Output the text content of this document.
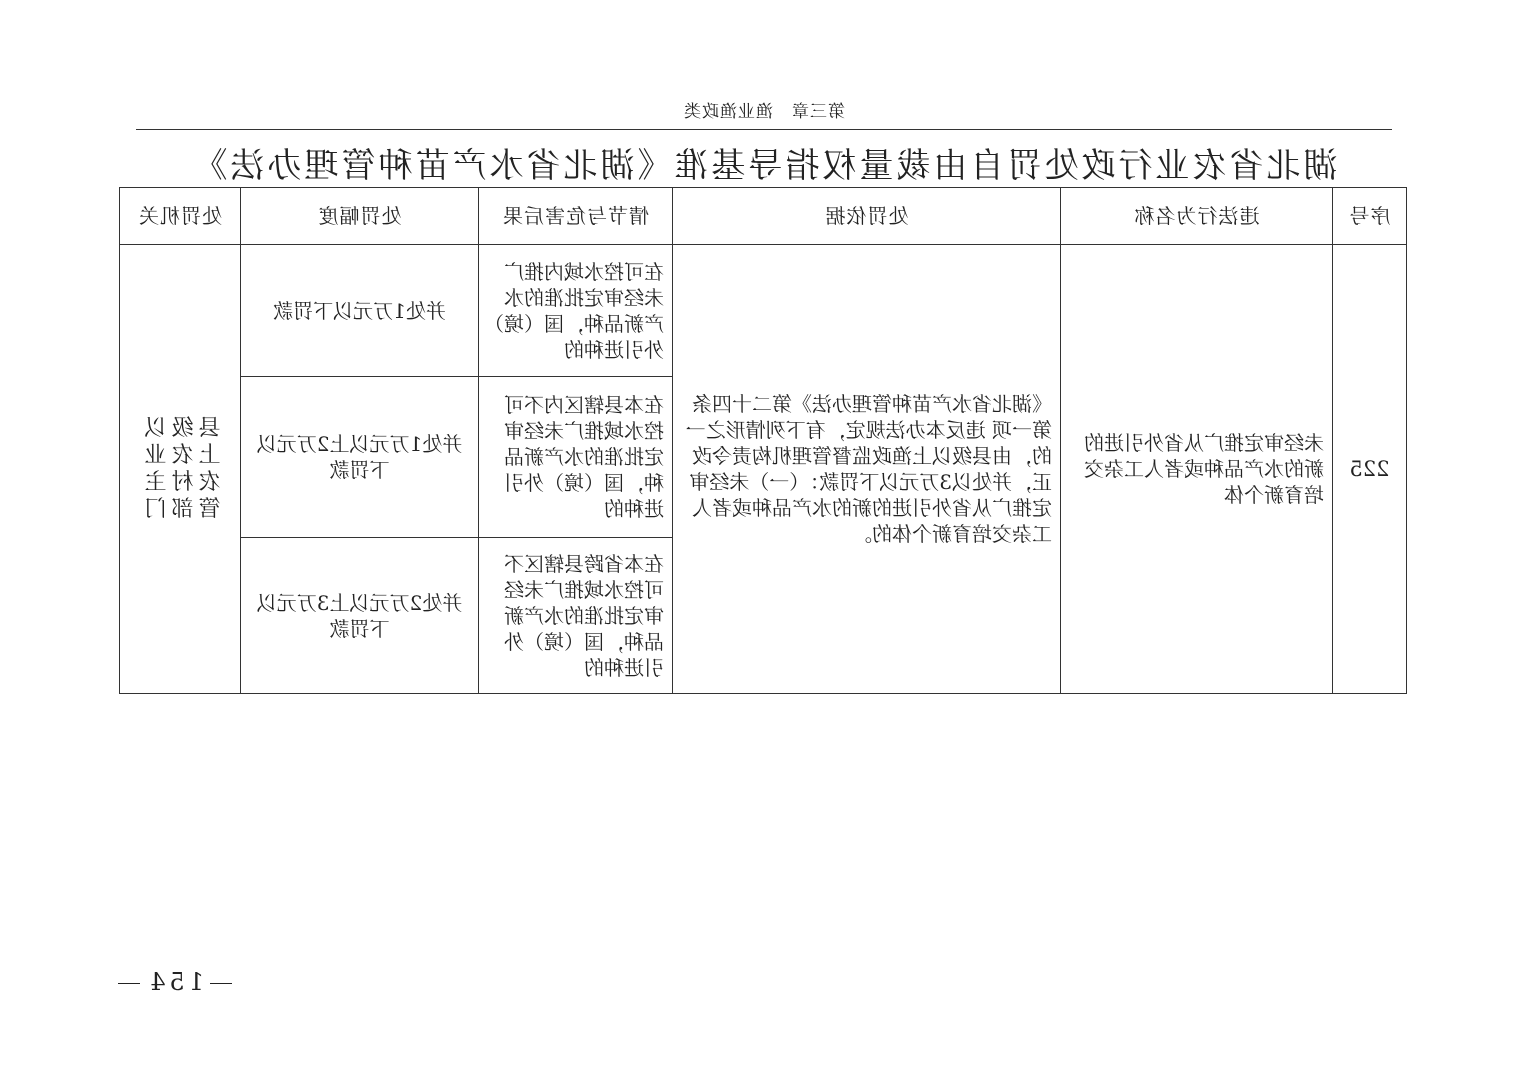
第三章　渔业渔政类
湖北省农业行政处罚自由裁量权指导基准《湖北省水产苗种管理办法》
序号	违法行为名称	处罚依据	情节与危害后果	处罚幅度	处罚机关
225	未经审定推广从省外引进的新的水产品种或者人工杂交培育新个体	《湖北省水产苗种管理办法》第二十四条 第一项 违反本办法规定，有下列情形之一的，由县级以上渔政监督管理机构责令改正，并处以3万元以下罚款：（一）未经审定推广从省外引进的新的水产品种或者人工杂交培育新个体的。	在可控水域内推广未经审定批准的水产新品种，国（境）外引进种的	并处1万元以下罚款	县级以上农业农村主管部门
			在本县辖区内不可控水域推广未经审定批准的水产新品种，国（境）外引进种的	并处1万元以上2万元以下罚款	
			在本省跨县辖区不可控水域推广未经审定批准的水产新品种，国（境）外引进种的	并处2万元以上3万元以下罚款	
154
